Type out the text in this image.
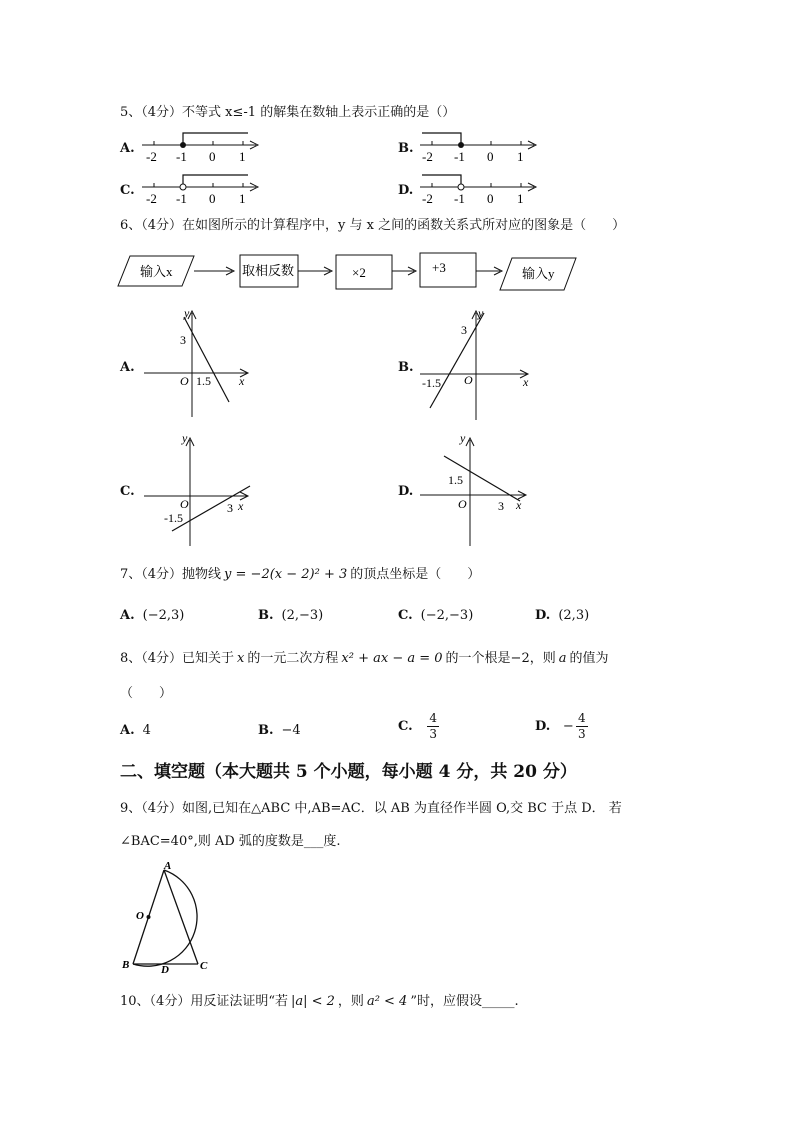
5、（4分）不等式 x≤-1 的解集在数轴上表示正确的是（）
A.
-2 -1 0 1
B.
-2 -1 0 1
C.
-2 -1 0 1
D.
-2 -1 0 1
6、（4分）在如图所示的计算程序中，y 与 x 之间的函数关系式所对应的图象是（　　）
输入x	取相反数	×2	+3	输入y
A.
y
x
O
3
1.5
B.
y
x
O
3
-1.5
C.
y
x
O
-1.5
3
D.
y
x
O
1.5
3
7、（4分）抛物线 y = −2(x − 2)² + 3 的顶点坐标是（　　）
A. (−2,3)	B. (2,−3)	C. (−2,−3)	D. (2,3)
8、（4分）已知关于 x 的一元二次方程 x² + ax − a = 0 的一个根是−2，则 a 的值为
（　　）
A. 4	B. −4	C. $\frac{4}{3}$	D. − $\frac{4}{3}$
二、填空题（本大题共 5 个小题，每小题 4 分，共 20 分）
9、（4分）如图,已知在△ABC 中,AB=AC．以 AB 为直径作半圆 O,交 BC 于点 D． 若
∠BAC=40°,则 AD 弧的度数是___度.
A
O
B	D	C
10、（4分）用反证法证明“若 |a| < 2 ，则 a² < 4 ”时，应假设_____.
